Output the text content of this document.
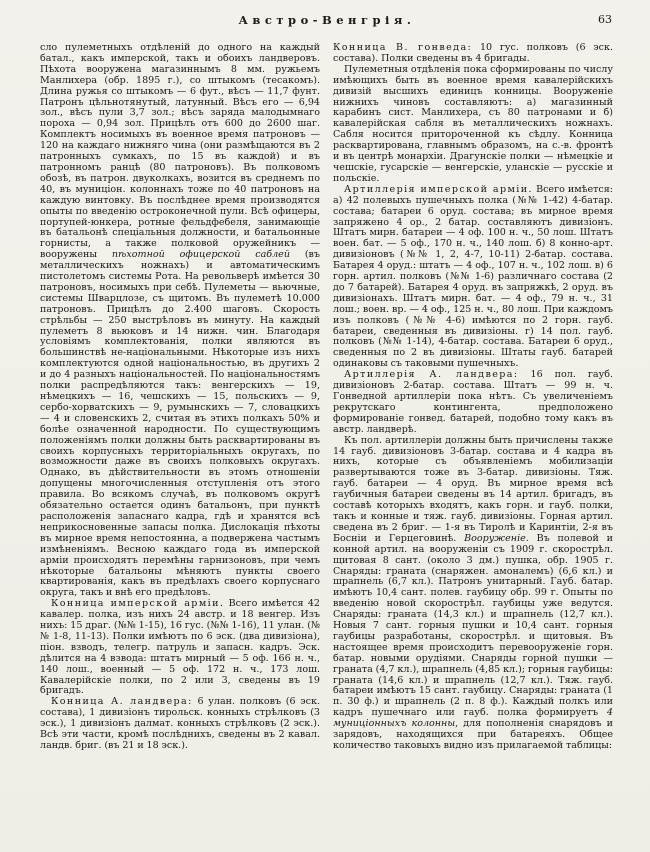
Австро-Венгрія.	63

сло пулеметныхъ отдѣленій до одного на каждый батал., какъ имперской, такъ и обоихъ ландверовъ. Пѣхота вооружена магазиннымъ 8 мм. ружьемъ Манлихера (обр. 1895 г.), со штыкомъ (тесакомъ). Длина ружья со штыкомъ — 6 фут., вѣсъ — 11,7 фунт. Патронъ цѣльнотянутый, латунный. Вѣсъ его — 6,94 зол., вѣсъ пули 3,7 зол.; вѣсъ заряда малодымнаго пороха — 0,94 зол. Прицѣлъ отъ 600 до 2600 шаг. Комплектъ носимыхъ въ военное время патроновъ — 120 на каждаго нижняго чина (они размѣщаются въ 2 патронныхъ сумкахъ, по 15 въ каждой) и въ патронномъ ранцѣ (80 патроновъ). Въ полковомъ обозѣ, въ патрон. двуколкахъ, возится въ среднемъ по 40, въ муниціон. колоннахъ тоже по 40 патроновъ на каждую винтовку. Въ послѣднее время производятся опыты по введенію остроконечной пули. Всѣ офицеры, портупей-юнкера, ротные фельдфебеля, занимающіе въ батальонѣ спеціальныя должности, и батальонные горнисты, а также полковой оружейникъ — вооружены пѣхотной офицерской саблей (въ металлическихъ ножнахъ) и автоматическимъ пистолетомъ системы Рота. На револьверѣ имѣется 30 патроновъ, носимыхъ при себѣ. Пулеметы — вьючные, системы Шварцлозе, съ щитомъ. Въ пулеметѣ 10.000 патроновъ. Прицѣлъ до 2.400 шаговъ. Скорость стрѣльбы — 250 выстрѣловъ въ минуту. На каждый пулеметъ 8 вьюковъ и 14 нижн. чин. Благодаря условіямъ комплектованія, полки являются въ большинствѣ не-національными. Нѣкоторые изъ нихъ комплектуются одной національностью, въ другихъ 2 и до 4 разныхъ національностей. По національностямъ полки распредѣляются такъ: венгерскихъ — 19, нѣмецкихъ — 16, чешскихъ — 15, польскихъ — 9, сербо-хорватскихъ — 9, румынскихъ — 7, словацкихъ — 4 и словенскихъ 2, считая въ этихъ полкахъ 50% и болѣе означенной народности. По существующимъ положеніямъ полки должны быть расквартированы въ своихъ корпусныхъ территоріальныхъ округахъ, по возможности даже въ своихъ полковыхъ округахъ. Однако, въ дѣйствительности въ этомъ отношеніи допущены многочисленныя отступленія отъ этого правила. Во всякомъ случаѣ, въ полковомъ округѣ обязательно остается одинъ батальонъ, при пунктѣ расположенія запаснаго кадра, гдѣ и хранятся всѣ неприкосновенные запасы полка. Дислокація пѣхоты въ мирное время непостоянна, а подвержена частымъ измѣненіямъ. Весною каждаго года въ имперской арміи происходятъ перемѣны гарнизоновъ, при чемъ нѣкоторые батальоны мѣняютъ пункты своего квартированія, какъ въ предѣлахъ своего корпуснаго округа, такъ и внѣ его предѣловъ.

Конница имперской арміи. Всего имѣется 42 кавалер. полка, изъ нихъ 24 австр. и 18 венгер. Изъ нихъ: 15 драг. (№№ 1-15), 16 гус. (№№ 1-16), 11 улан. (№№ 1-8, 11-13). Полки имѣютъ по 6 эск. (два дивизіона), піон. взводъ, телегр. патруль и запасн. кадръ. Эск. дѣлится на 4 взвода: штатъ мирный — 5 оф. 166 н. ч., 140 лош., военный — 5 оф. 172 н. ч., 173 лош. Кавалерійскіе полки, по 2 или 3, сведены въ 19 бригадъ.

Конница А. ландвера: 6 улан. полковъ (6 эск. состава), 1 дивизіонъ тирольск. конныхъ стрѣлковъ (3 эск.), 1 дивизіонъ далмат. конныхъ стрѣлковъ (2 эск.). Всѣ эти части, кромѣ послѣднихъ, сведены въ 2 кавал. ландв. бриг. (въ 21 и 18 эск.).

Конница В. гонведа: 10 гус. полковъ (6 эск. состава). Полки сведены въ 4 бригады.

Пулеметныя отдѣленія пока сформированы по числу имѣющихъ быть въ военное время кавалерійскихъ дивизій высшихъ единицъ конницы. Вооруженіе нижнихъ чиновъ составляютъ: а) магазинный карабинъ сист. Манлихера, съ 80 патронами и б) кавалерійская сабля въ металлическихъ ножнахъ. Сабля носится притороченной къ сѣдлу. Конница расквартирована, главнымъ образомъ, на с.-в. фронтѣ и въ центрѣ монархіи. Драгунскіе полки — нѣмецкіе и чешскіе, гусарскіе — венгерскіе, уланскіе — русскіе и польскіе.

Артиллерія имперской арміи. Всего имѣется: а) 42 полевыхъ пушечныхъ полка (№№ 1-42) 4-батар. состава; батареи 6 оруд. состава; въ мирное время запряжено 4 ор., 2 батар. составляютъ дивизіонъ. Штатъ мирн. батареи — 4 оф. 100 н. ч., 50 лош. Штатъ воен. бат. — 5 оф., 170 н. ч., 140 лош. б) 8 конно-арт. дивизіоновъ (№№ 1, 2, 4-7, 10-11) 2-батар. состава. Батарея 4 оруд.: штатъ — 4 оф., 107 н. ч., 102 лош. в) 6 горн. артил. полковъ (№№ 1-6) различнаго состава (2 до 7 батарей). Батарея 4 оруд. въ запряжкѣ, 2 оруд. въ дивизіонахъ. Штатъ мирн. бат. — 4 оф., 79 н. ч., 31 лош.; воен. вр. — 4 оф., 125 н. ч., 80 лош. При каждомъ изъ полковъ (№№ 4-6) имѣются по 2 горн. гауб. батареи, сведенныя въ дивизіоны. г) 14 пол. гауб. полковъ (№№ 1-14), 4-батар. состава. Батареи 6 оруд., сведенныя по 2 въ дивизіоны. Штаты гауб. батарей одинаковы съ таковыми пушечныхъ.

Артиллерія А. ландвера: 16 пол. гауб. дивизіоновъ 2-батар. состава. Штатъ — 99 н. ч. Гонведной артиллеріи пока нѣтъ. Съ увеличеніемъ рекрутскаго контингента, предположено формированіе гонвед. батарей, подобно тому какъ въ австр. ландверѣ.

Къ пол. артиллеріи должны быть причислены также 14 гауб. дивизіоновъ 3-батар. состава и 4 кадра въ нихъ, которые съ объявленіемъ мобилизаціи развертываются тоже въ 3-батар. дивизіоны. Тяж. гауб. батареи — 4 оруд. Въ мирное время всѣ гаубичныя батареи сведены въ 14 артил. бригадъ, въ составѣ которыхъ входятъ, какъ горн. и гауб. полки, такъ и конные и тяж. гауб. дивизіоны. Горная артил. сведена въ 2 бриг. — 1-я въ Тиролѣ и Каринтіи, 2-я въ Босніи и Герцеговинѣ. Вооруженіе. Въ полевой и конной артил. на вооруженіи съ 1909 г. скорострѣл. щитовая 8 сант. (около 3 дм.) пушка, обр. 1905 г. Снаряды: граната (снаряжен. амоналемъ) (6,6 кл.) и шрапнель (6,7 кл.). Патронъ унитарный. Гауб. батар. имѣютъ 10,4 сант. полев. гаубицу обр. 99 г. Опыты по введенію новой скорострѣл. гаубицы уже ведутся. Снаряды: граната (14,3 кл.) и шрапнель (12,7 кл.). Новыя 7 сант. горныя пушки и 10,4 сант. горныя гаубицы разработаны, скорострѣл. и щитовыя. Въ настоящее время происходитъ перевооруженіе горн. батар. новыми орудіями. Снаряды горной пушки — граната (4,7 кл.), шрапнель (4,85 кл.); горныя гаубицы: граната (14,6 кл.) и шрапнель (12,7 кл.). Тяж. гауб. батареи имѣютъ 15 сант. гаубицу. Снаряды: граната (1 п. 30 ф.) и шрапнель (2 п. 8 ф.). Каждый полкъ или кадръ пушечнаго или гауб. полка формируетъ 4 муниціонныхъ колонны, для пополненія снарядовъ и зарядовъ, находящихся при батареяхъ. Общее количество таковыхъ видно изъ прилагаемой таблицы:
